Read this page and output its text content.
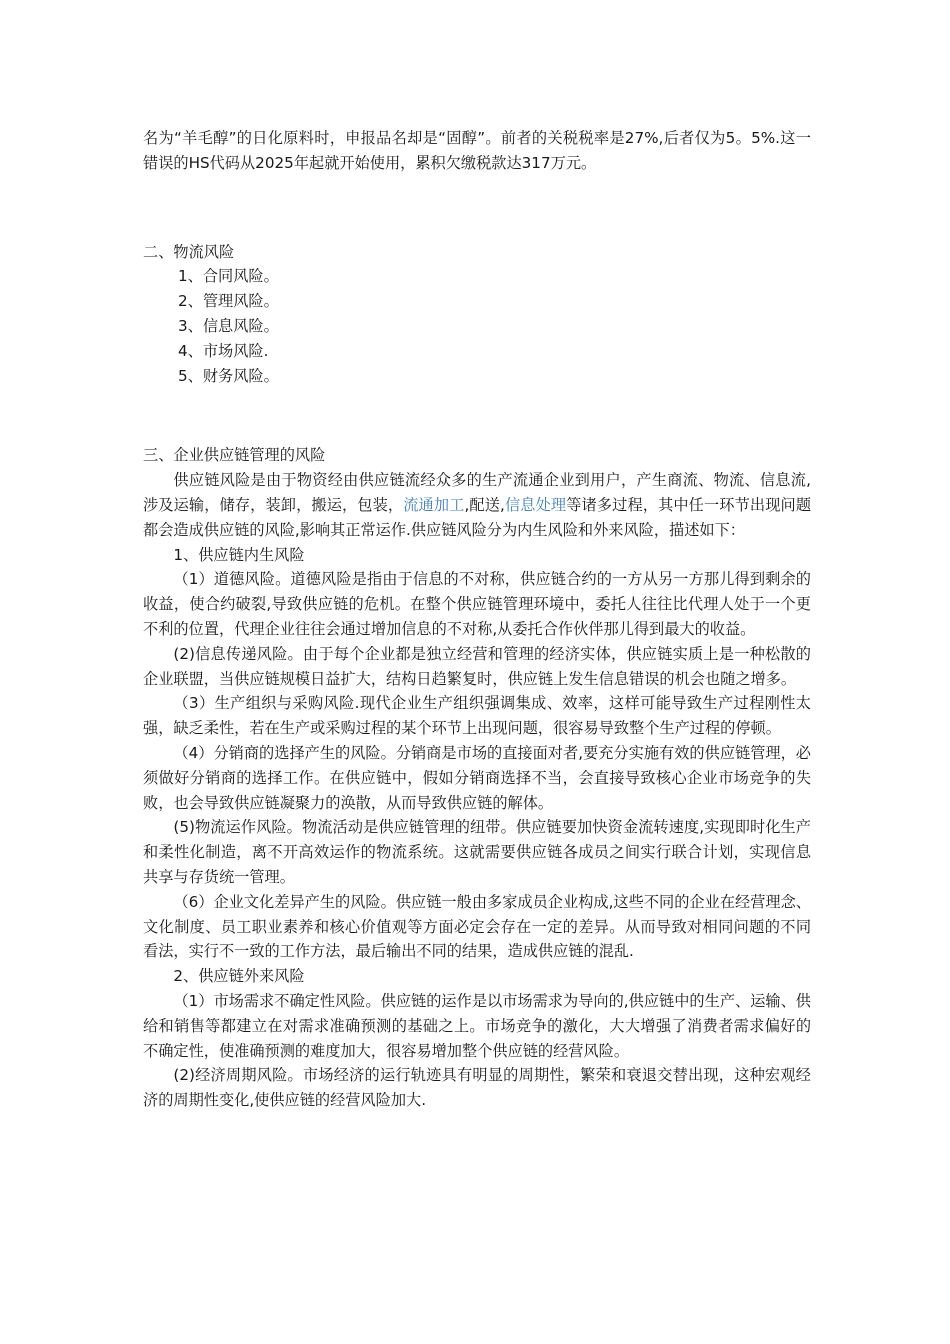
名为“羊毛醇”的日化原料时，申报品名却是“固醇”。前者的关税税率是27%,后者仅为5。5%.这一错误的HS代码从2025年起就开始使用，累积欠缴税款达317万元。

二、物流风险

1、合同风险。

2、管理风险。

3、信息风险。

4、市场风险.

5、财务风险。

三、企业供应链管理的风险

供应链风险是由于物资经由供应链流经众多的生产流通企业到用户，产生商流、物流、信息流,涉及运输，储存，装卸，搬运，包装，流通加工,配送,信息处理等诸多过程，其中任一环节出现问题都会造成供应链的风险,影响其正常运作.供应链风险分为内生风险和外来风险，描述如下：

1、供应链内生风险

（1）道德风险。道德风险是指由于信息的不对称，供应链合约的一方从另一方那儿得到剩余的收益，使合约破裂,导致供应链的危机。在整个供应链管理环境中，委托人往往比代理人处于一个更不利的位置，代理企业往往会通过增加信息的不对称,从委托合作伙伴那儿得到最大的收益。

(2)信息传递风险。由于每个企业都是独立经营和管理的经济实体，供应链实质上是一种松散的企业联盟，当供应链规模日益扩大，结构日趋繁复时，供应链上发生信息错误的机会也随之增多。

（3）生产组织与采购风险.现代企业生产组织强调集成、效率，这样可能导致生产过程刚性太强，缺乏柔性，若在生产或采购过程的某个环节上出现问题，很容易导致整个生产过程的停顿。

（4）分销商的选择产生的风险。分销商是市场的直接面对者,要充分实施有效的供应链管理，必须做好分销商的选择工作。在供应链中，假如分销商选择不当，会直接导致核心企业市场竞争的失败，也会导致供应链凝聚力的涣散，从而导致供应链的解体。

(5)物流运作风险。物流活动是供应链管理的纽带。供应链要加快资金流转速度,实现即时化生产和柔性化制造，离不开高效运作的物流系统。这就需要供应链各成员之间实行联合计划，实现信息共享与存货统一管理。

（6）企业文化差异产生的风险。供应链一般由多家成员企业构成,这些不同的企业在经营理念、文化制度、员工职业素养和核心价值观等方面必定会存在一定的差异。从而导致对相同问题的不同看法，实行不一致的工作方法，最后输出不同的结果，造成供应链的混乱.

2、供应链外来风险

（1）市场需求不确定性风险。供应链的运作是以市场需求为导向的,供应链中的生产、运输、供给和销售等都建立在对需求准确预测的基础之上。市场竞争的激化，大大增强了消费者需求偏好的不确定性，使准确预测的难度加大，很容易增加整个供应链的经营风险。

(2)经济周期风险。市场经济的运行轨迹具有明显的周期性，繁荣和衰退交替出现，这种宏观经济的周期性变化,使供应链的经营风险加大.
